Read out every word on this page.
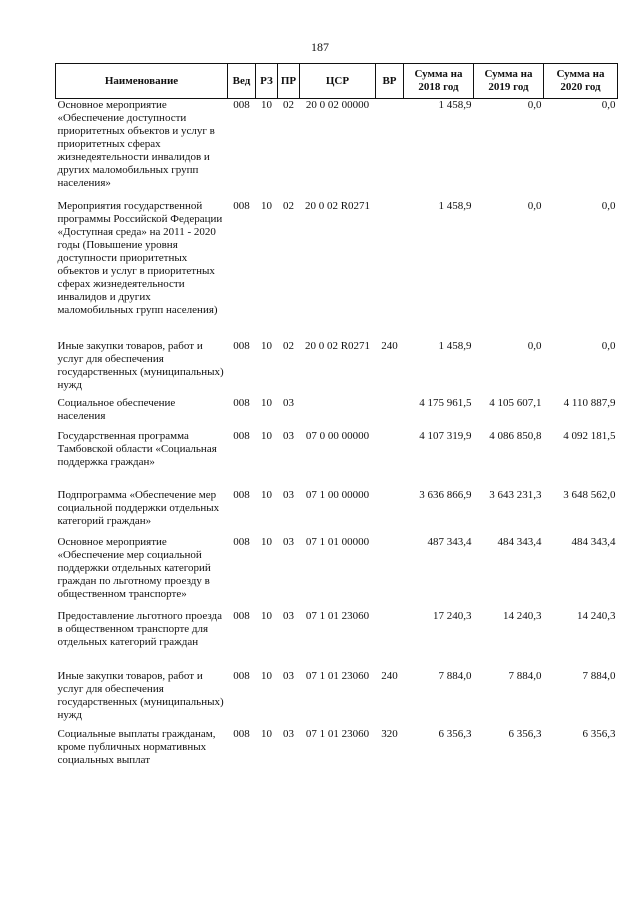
187
Наименование	Вед	РЗ	ПР	ЦСР	ВР	Сумма на 2018 год	Сумма на 2019 год	Сумма на 2020 год
Основное мероприятие «Обеспечение доступности приоритетных объектов и услуг в приоритетных сферах жизнедеятельности инвалидов и других маломобильных групп населения»	008	10	02	20 0 02 00000		1 458,9	0,0	0,0
Мероприятия государственной программы Российской Федерации «Доступная среда» на 2011 - 2020 годы (Повышение уровня доступности приоритетных объектов и услуг в приоритетных сферах жизнедеятельности инвалидов и других маломобильных групп населения)	008	10	02	20 0 02 R0271		1 458,9	0,0	0,0
Иные закупки товаров, работ и услуг для обеспечения государственных (муниципальных) нужд	008	10	02	20 0 02 R0271	240	1 458,9	0,0	0,0
Социальное обеспечение населения	008	10	03			4 175 961,5	4 105 607,1	4 110 887,9
Государственная программа Тамбовской области «Социальная поддержка граждан»	008	10	03	07 0 00 00000		4 107 319,9	4 086 850,8	4 092 181,5
Подпрограмма «Обеспечение мер социальной поддержки отдельных категорий граждан»	008	10	03	07 1 00 00000		3 636 866,9	3 643 231,3	3 648 562,0
Основное мероприятие «Обеспечение мер социальной поддержки отдельных категорий граждан по льготному проезду в общественном транспорте»	008	10	03	07 1 01 00000		487 343,4	484 343,4	484 343,4
Предоставление льготного проезда в общественном транспорте для отдельных категорий граждан	008	10	03	07 1 01 23060		17 240,3	14 240,3	14 240,3
Иные закупки товаров, работ и услуг для обеспечения государственных (муниципальных) нужд	008	10	03	07 1 01 23060	240	7 884,0	7 884,0	7 884,0
Социальные выплаты гражданам, кроме публичных нормативных социальных выплат	008	10	03	07 1 01 23060	320	6 356,3	6 356,3	6 356,3
